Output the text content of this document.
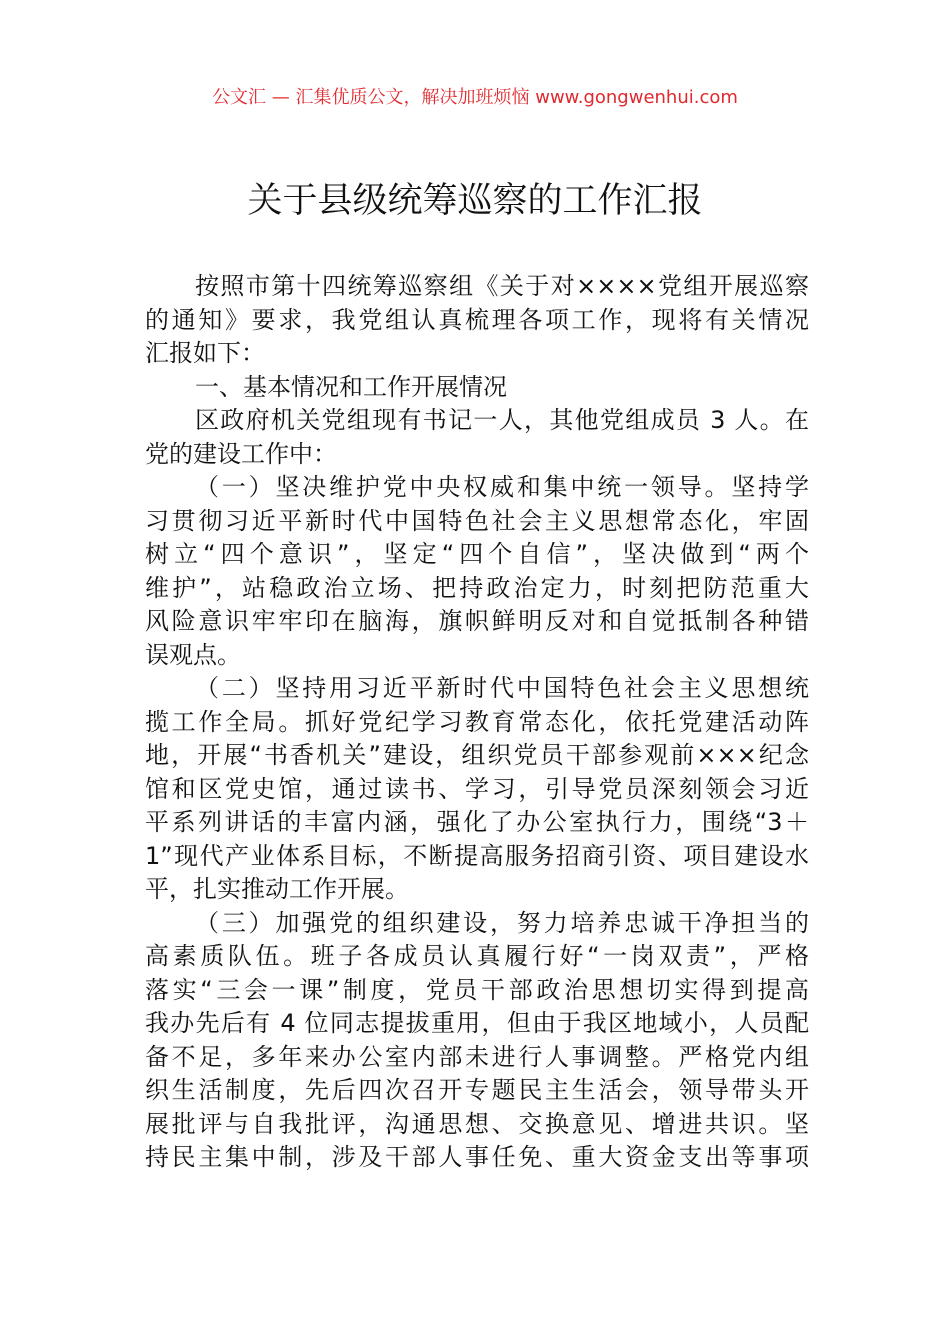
公文汇 — 汇集优质公文，解决加班烦恼 www.gongwenhui.com
关于县级统筹巡察的工作汇报
按照市第十四统筹巡察组《关于对××××党组开展巡察
的通知》要求，我党组认真梳理各项工作，现将有关情况
汇报如下：
一、基本情况和工作开展情况
区政府机关党组现有书记一人，其他党组成员 3 人。在
党的建设工作中：
（一）坚决维护党中央权威和集中统一领导。坚持学
习贯彻习近平新时代中国特色社会主义思想常态化，牢固
树立“四个意识”，坚定“四个自信”，坚决做到“两个
维护”，站稳政治立场、把持政治定力，时刻把防范重大
风险意识牢牢印在脑海，旗帜鲜明反对和自觉抵制各种错
误观点。
（二）坚持用习近平新时代中国特色社会主义思想统
揽工作全局。抓好党纪学习教育常态化，依托党建活动阵
地，开展“书香机关”建设，组织党员干部参观前×××纪念
馆和区党史馆，通过读书、学习，引导党员深刻领会习近
平系列讲话的丰富内涵，强化了办公室执行力，围绕“3＋
1”现代产业体系目标，不断提高服务招商引资、项目建设水
平，扎实推动工作开展。
（三）加强党的组织建设，努力培养忠诚干净担当的
高素质队伍。班子各成员认真履行好“一岗双责”，严格
落实“三会一课”制度，党员干部政治思想切实得到提高
我办先后有 4 位同志提拔重用，但由于我区地域小，人员配
备不足，多年来办公室内部未进行人事调整。严格党内组
织生活制度，先后四次召开专题民主生活会，领导带头开
展批评与自我批评，沟通思想、交换意见、增进共识。坚
持民主集中制，涉及干部人事任免、重大资金支出等事项
